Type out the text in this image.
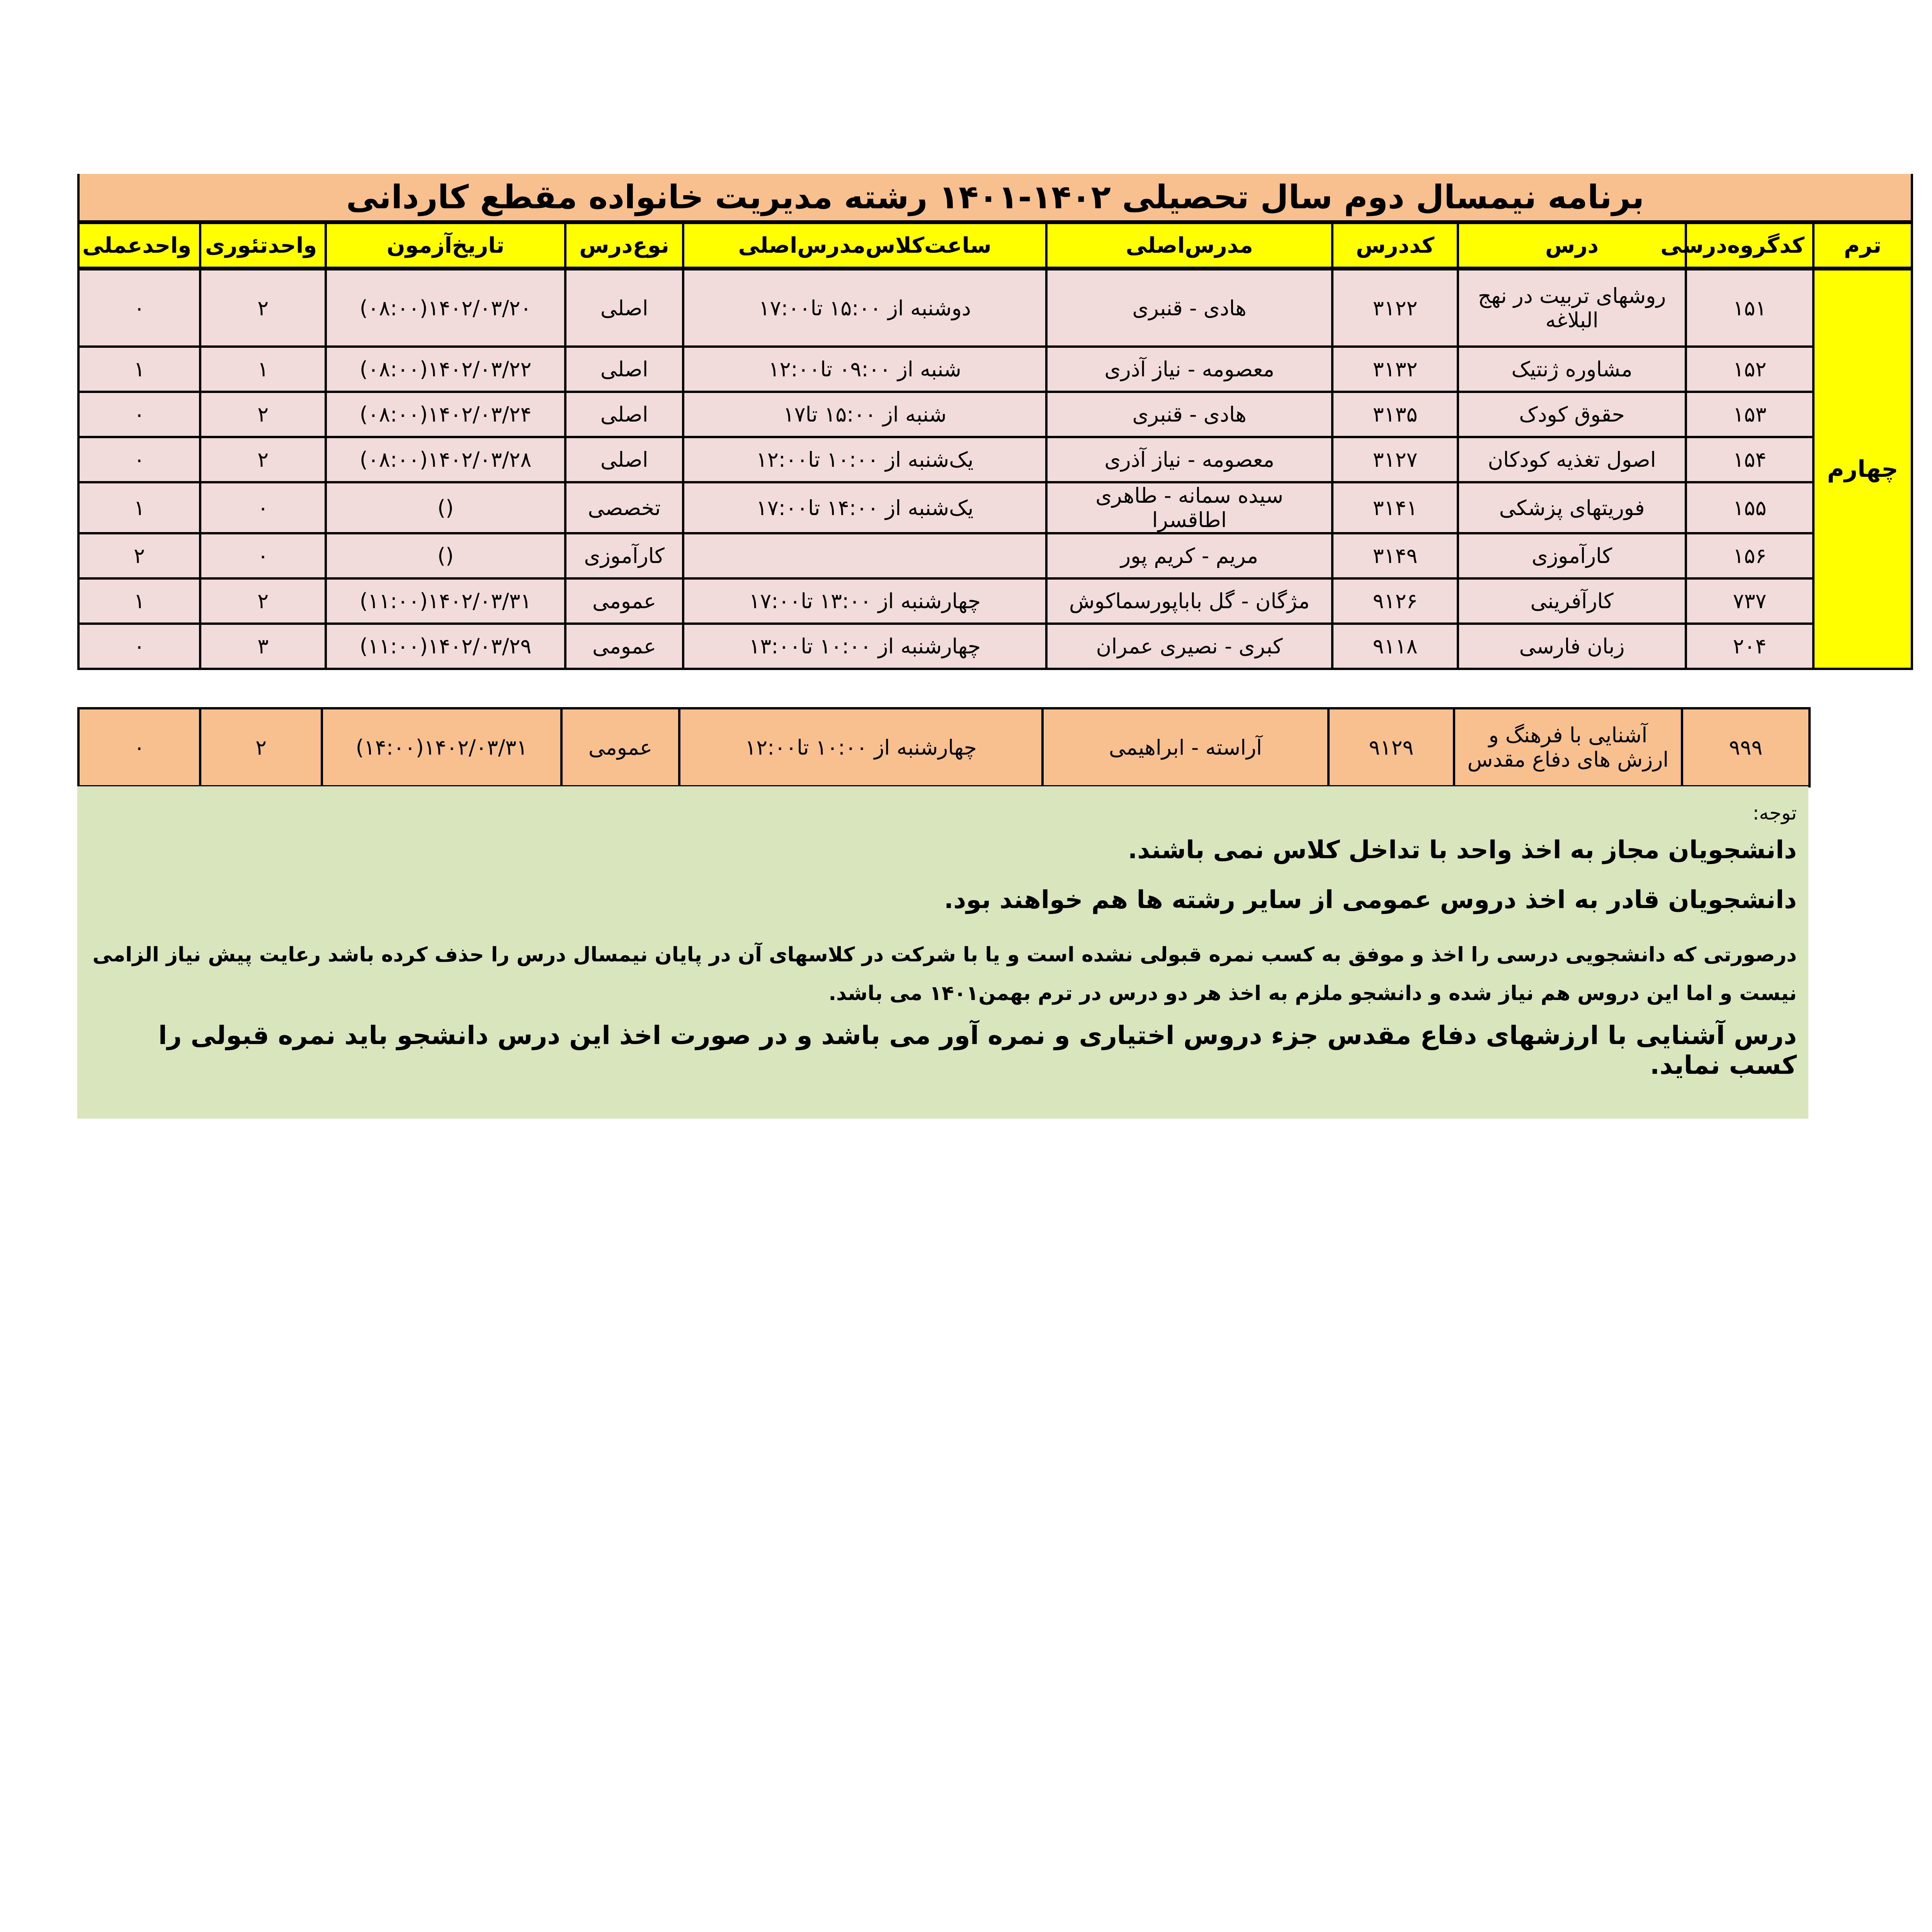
برنامه نیمسال دوم سال تحصیلی ۱۴۰۲-۱۴۰۱ رشته مدیریت خانواده مقطع کاردانی									
ترم	کدگروه‌درسی	درس	کددرس	مدرس‌اصلی	ساعت‌کلاس‌مدرس‌اصلی	نوع‌درس	تاریخ‌آزمون	واحدتئوری	واحدعملی
چهارم	۱۵۱	روشهای تربیت در نهج البلاغه	۳۱۲۲	هادی - قنبری	دوشنبه از ۱۵:۰۰ تا۱۷:۰۰	اصلی	۱۴۰۲/۰۳/۲۰(۰۸:۰۰)	۲	۰
	۱۵۲	مشاوره ژنتیک	۳۱۳۲	معصومه - نیاز آذری	شنبه از ۰۹:۰۰ تا۱۲:۰۰	اصلی	۱۴۰۲/۰۳/۲۲(۰۸:۰۰)	۱	۱
	۱۵۳	حقوق کودک	۳۱۳۵	هادی - قنبری	شنبه از ۱۵:۰۰ تا۱۷	اصلی	۱۴۰۲/۰۳/۲۴(۰۸:۰۰)	۲	۰
	۱۵۴	اصول تغذیه کودکان	۳۱۲۷	معصومه - نیاز آذری	یک‌شنبه از ۱۰:۰۰ تا۱۲:۰۰	اصلی	۱۴۰۲/۰۳/۲۸(۰۸:۰۰)	۲	۰
	۱۵۵	فوریتهای پزشکی	۳۱۴۱	سیده سمانه - طاهری اطاقسرا	یک‌شنبه از ۱۴:۰۰ تا۱۷:۰۰	تخصصی	()	۰	۱
	۱۵۶	کارآموزی	۳۱۴۹	مریم - کریم پور		کارآموزی	()	۰	۲
	۷۳۷	کارآفرینی	۹۱۲۶	مژگان - گل باباپورسماکوش	چهارشنبه از ۱۳:۰۰ تا۱۷:۰۰	عمومی	۱۴۰۲/۰۳/۳۱(۱۱:۰۰)	۲	۱
	۲۰۴	زبان فارسی	۹۱۱۸	کبری - نصیری عمران	چهارشنبه از ۱۰:۰۰ تا۱۳:۰۰	عمومی	۱۴۰۲/۰۳/۲۹(۱۱:۰۰)	۳	۰
۹۹۹	آشنایی با فرهنگ و ارزش های دفاع مقدس	۹۱۲۹	آراسته - ابراهیمی	چهارشنبه از ۱۰:۰۰ تا۱۲:۰۰	عمومی	۱۴۰۲/۰۳/۳۱(۱۴:۰۰)	۲	۰

توجه:

دانشجویان مجاز به اخذ واحد با تداخل کلاس نمی باشند.

دانشجویان قادر به اخذ دروس عمومی از سایر رشته ها هم خواهند بود.

درصورتی که دانشجویی درسی را اخذ و موفق به کسب نمره قبولی نشده است و یا با شرکت در کلاسهای آن در پایان نیمسال درس را حذف کرده باشد رعایت پیش نیاز الزامی نیست و اما این دروس هم نیاز شده و دانشجو ملزم به اخذ هر دو درس در ترم بهمن۱۴۰۱ می باشد.

درس آشنایی با ارزشهای دفاع مقدس جزء دروس اختیاری و نمره آور می باشد و در صورت اخذ این درس دانشجو باید نمره قبولی را کسب نماید.
